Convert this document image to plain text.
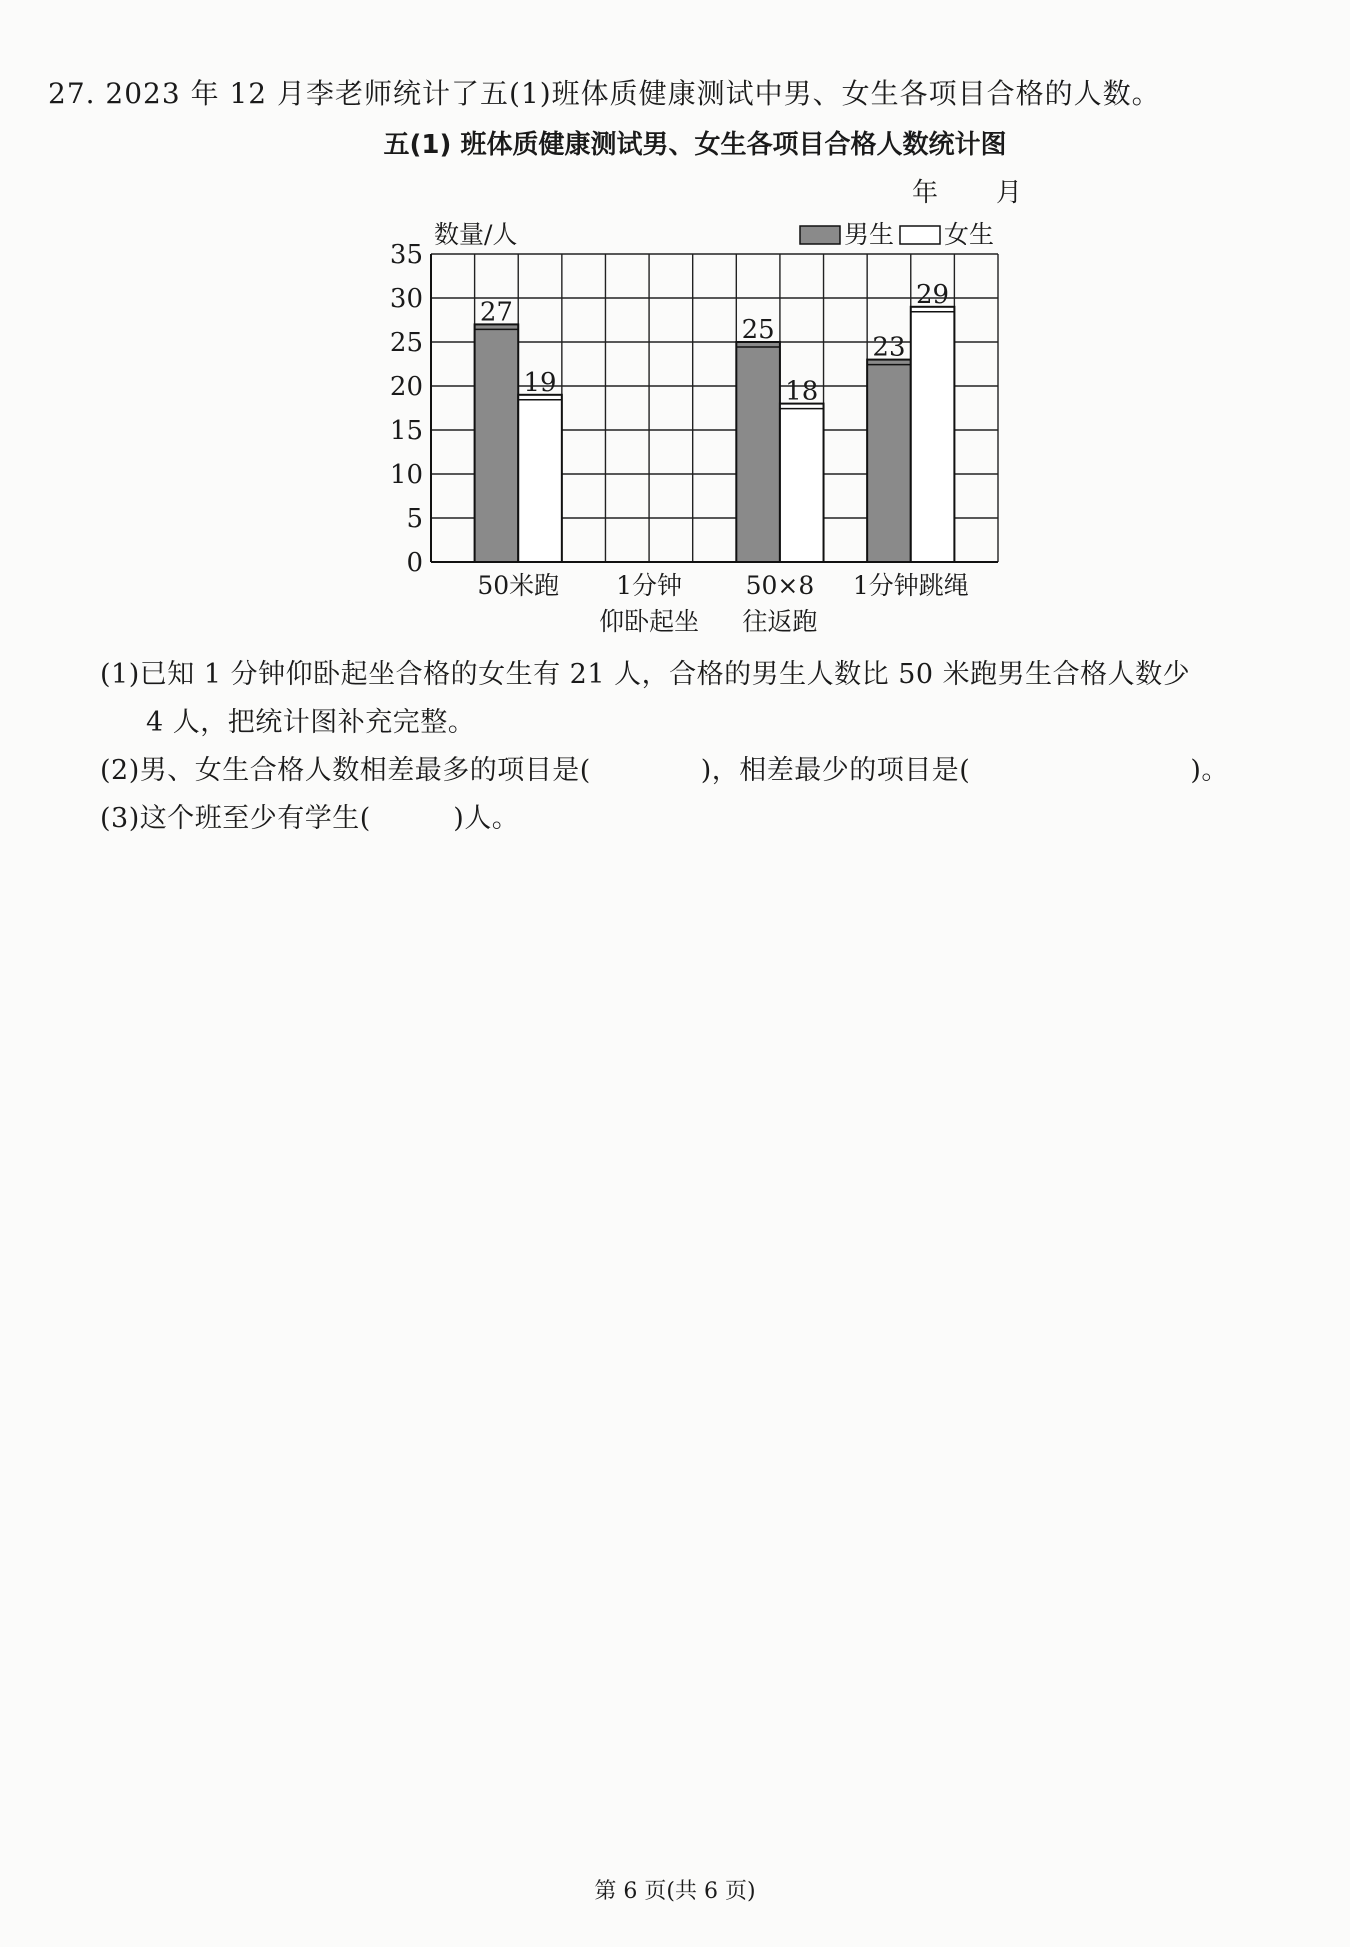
27. 2023 年 12 月李老师统计了五(1)班体质健康测试中男、女生各项目合格的人数。
五(1) 班体质健康测试男、女生各项目合格人数统计图
年 月
0
5
10
15
20
25
30
35
数量/人	男生 女生
27
19
50米跑 1分钟
仰卧起坐
25
18
50×8
往返跑
23
29
1分钟跳绳
(1)已知 1 分钟仰卧起坐合格的女生有 21 人，合格的男生人数比 50 米跑男生合格人数少
4 人，把统计图补充完整。
(2)男、女生合格人数相差最多的项目是(　　　　)，相差最少的项目是(　　　　　　　　)。
(3)这个班至少有学生(　　　)人。
第 6 页(共 6 页)
